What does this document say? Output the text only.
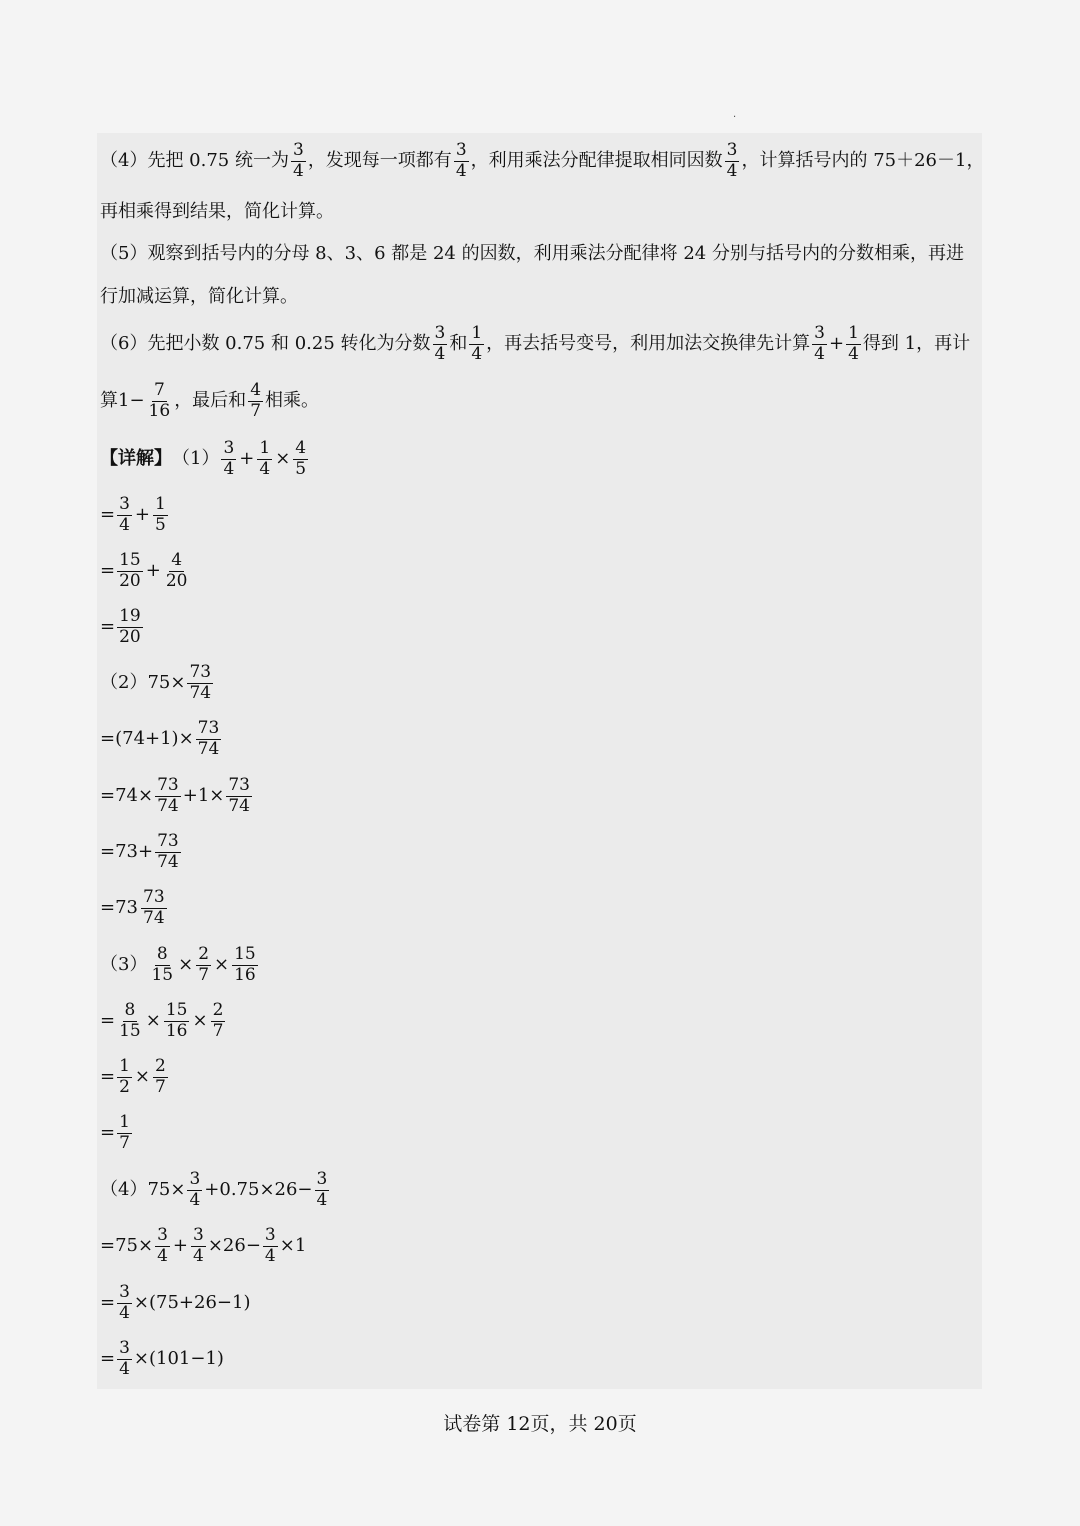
‧
（4）先把 0.75 统一为 $\frac{3}{4}$ ，发现每一项都有 $\frac{3}{4}$ ，利用乘法分配律提取相同因数 $\frac{3}{4}$ ，计算括号内的 75＋26－1，
再相乘得到结果，简化计算。
（5）观察到括号内的分母 8、3、6 都是 24 的因数，利用乘法分配律将 24 分别与括号内的分数相乘，再进
行加减运算，简化计算。
（6）先把小数 0.75 和 0.25 转化为分数 $\frac{3}{4}$ 和 $\frac{1}{4}$ ，再去括号变号，利用加法交换律先计算 $\frac{3}{4} + \frac{1}{4}$ 得到 1，再计
算$1- \frac{7}{16}$ ，最后和 $\frac{4}{7}$ 相乘。
【详解】 $(1) \frac{3}{4} + \frac{1}{4} \times \frac{4}{5}$
= $\frac{3}{4} + \frac{1}{5}$
= $\frac{15}{20} + \frac{4}{20}$
= $\frac{19}{20}$
（2） $75\times \frac{73}{74}$
= $(74+1)\times \frac{73}{74}$
= $74\times \frac{73}{74} +1\times \frac{73}{74}$
= $73+ \frac{73}{74}$
= $73 \frac{73}{74}$
$(3) \frac{8}{15} \times \frac{2}{7} \times \frac{15}{16}$
= $\frac{8}{15} \times \frac{15}{16} \times \frac{2}{7}$
= $\frac{1}{2} \times \frac{2}{7}$
= $\frac{1}{7}$
（4） $75\times \frac{3}{4} +0.75\times 26- \frac{3}{4}$
= $75\times \frac{3}{4} + \frac{3}{4} \times 26- \frac{3}{4} \times 1$
= $\frac{3}{4} \times(75+26-1)$
= $\frac{3}{4} \times(101-1)$
试卷第 12页，共 20页
